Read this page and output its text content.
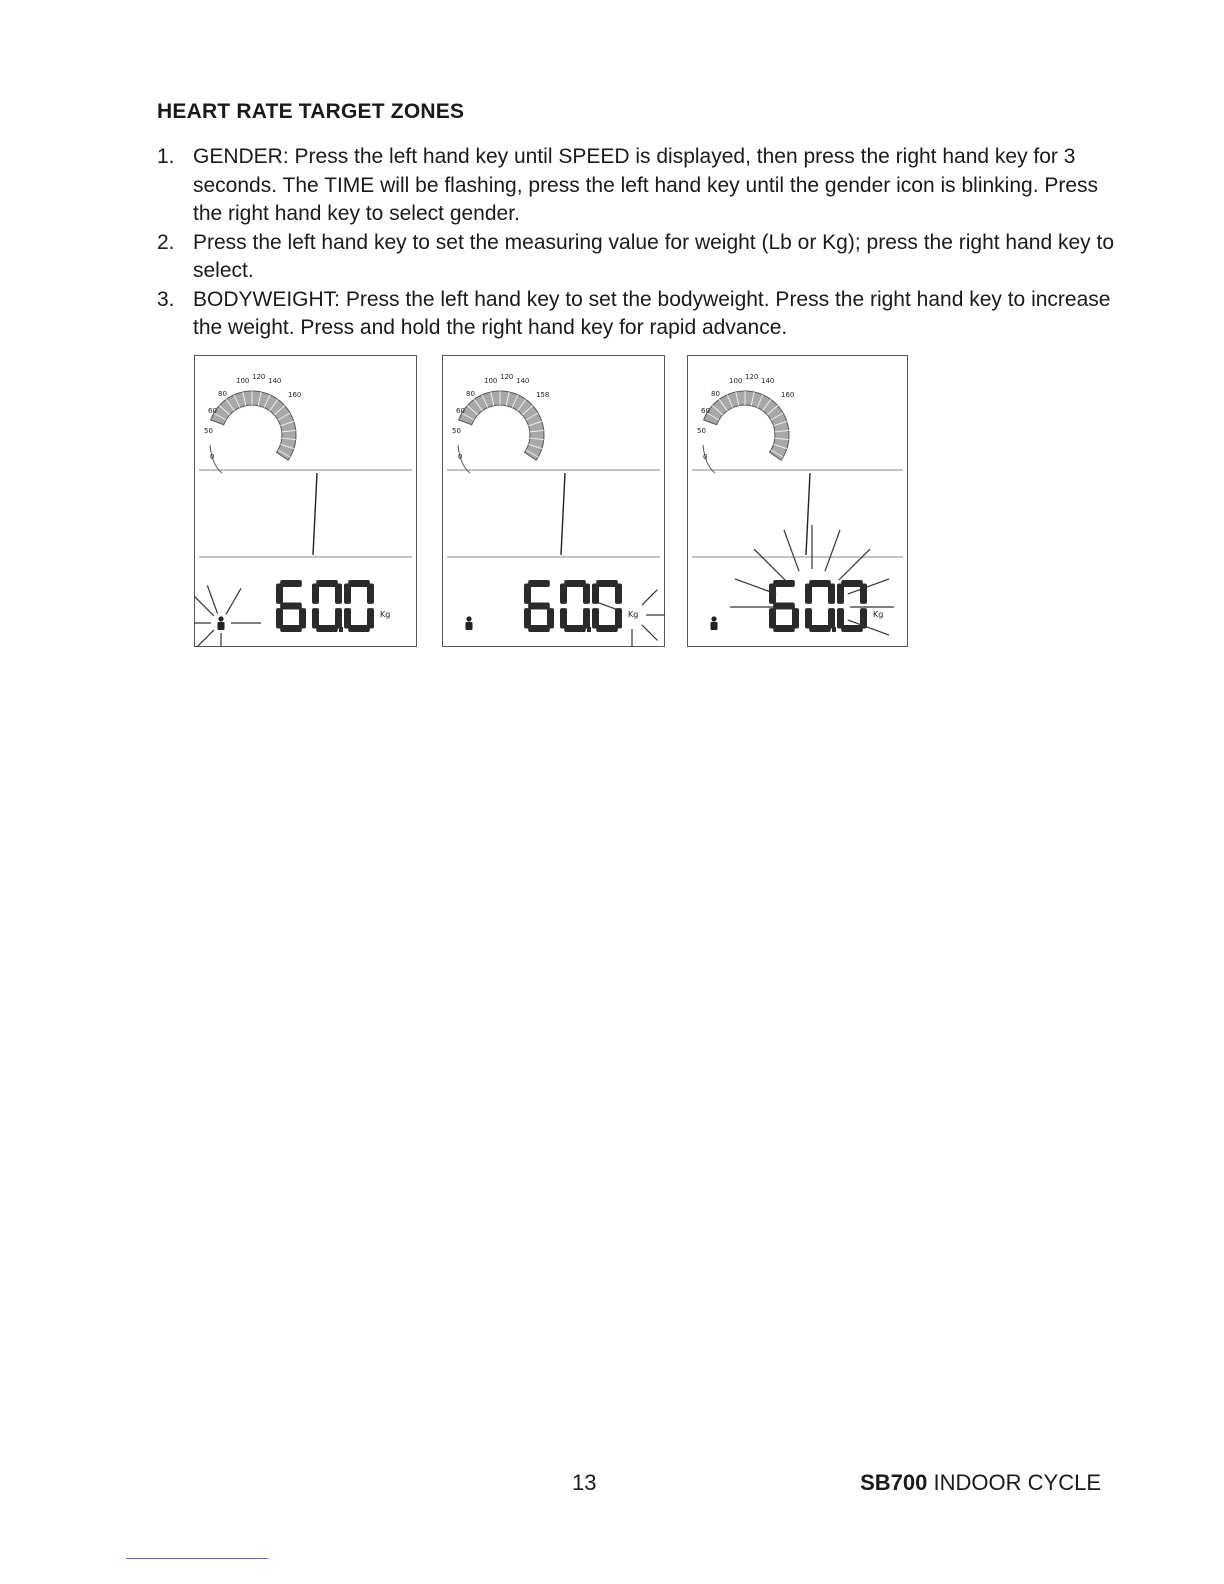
HEART RATE TARGET ZONES
1. GENDER: Press the left hand key until SPEED is displayed, then press the right hand key for 3 seconds. The TIME will be flashing, press the left hand key until the gender icon is blinking. Press the right hand key to select gender.
2. Press the left hand key to set the measuring value for weight (Lb or Kg); press the right hand key to select.
3. BODYWEIGHT: Press the left hand key to set the bodyweight. Press the right hand key to increase the weight. Press and hold the right hand key for rapid advance.
100 120 140
80	160
60
50
0
Kg
100 120 140
80	158
60
50
0
Kg
100 120 140
80	160
60
50
0
Kg
13	SB700 INDOOR CYCLE
